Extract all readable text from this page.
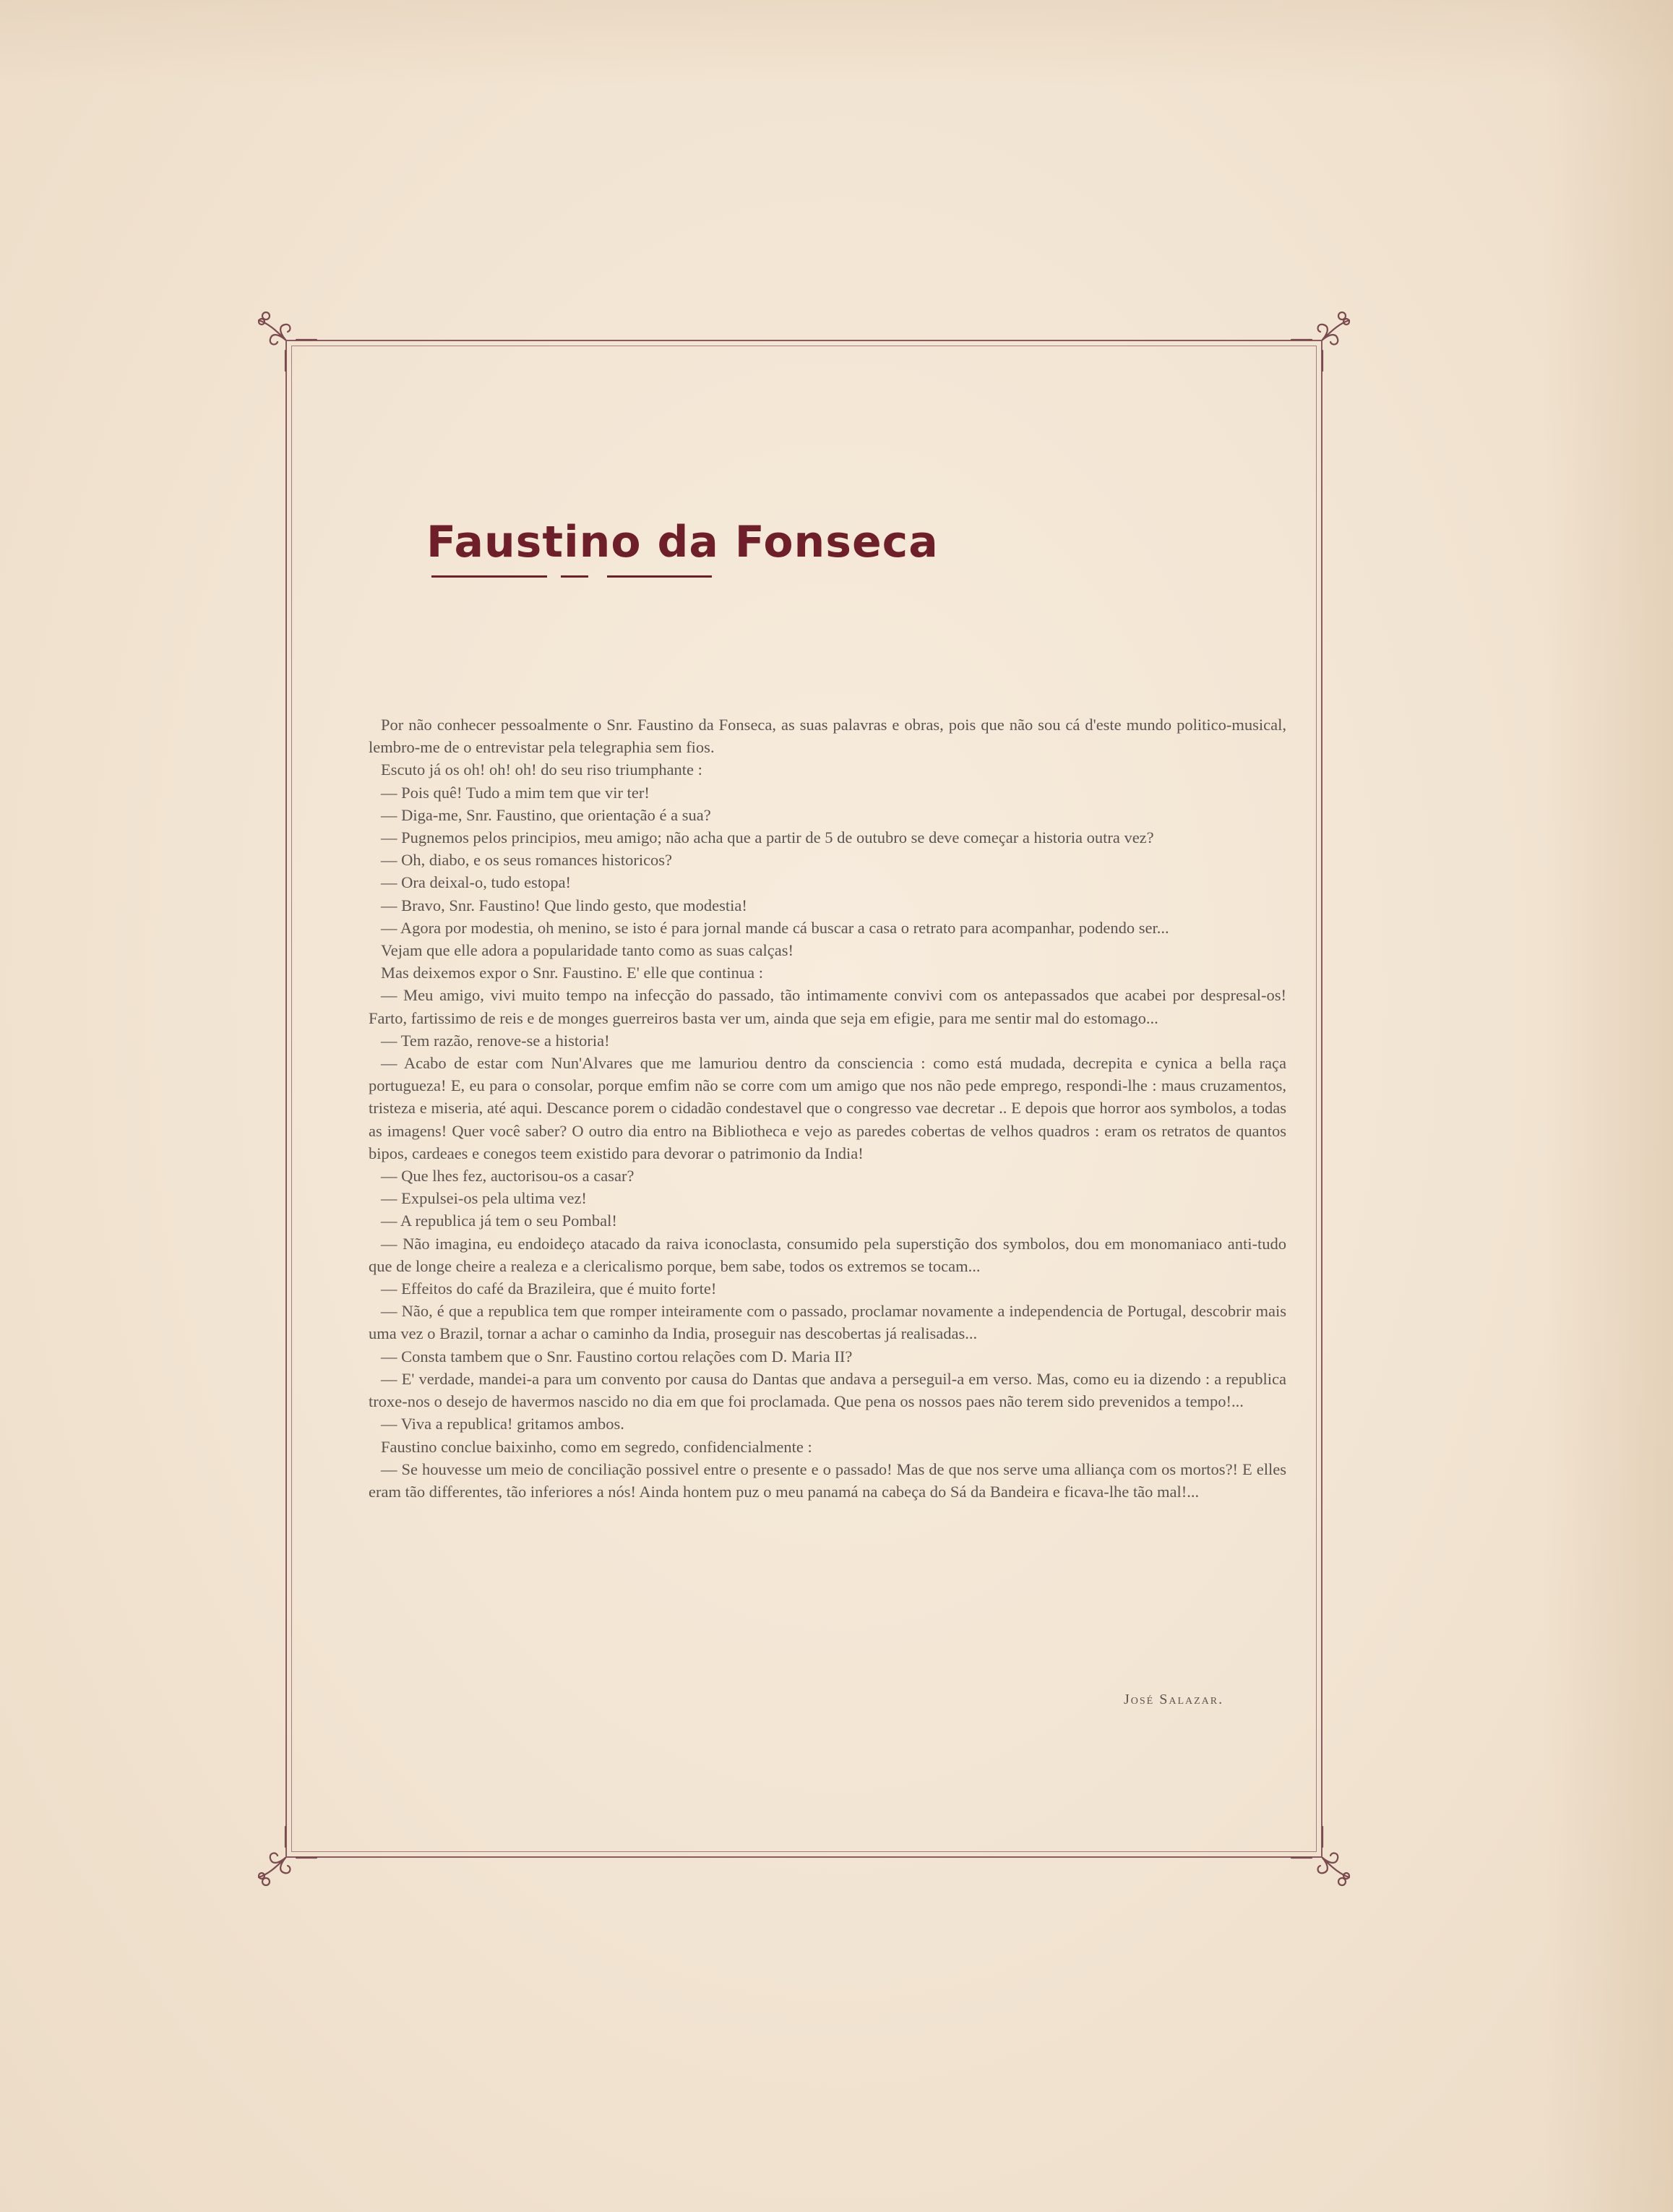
Faustino da Fonseca

Por não conhecer pessoalmente o Snr. Faustino da Fonseca, as suas palavras e obras, pois que não sou cá d'este mundo politico-musical, lembro-me de o entrevistar pela telegraphia sem fios.

Escuto já os oh! oh! oh! do seu riso triumphante :

— Pois quê! Tudo a mim tem que vir ter!

— Diga-me, Snr. Faustino, que orientação é a sua?

— Pugnemos pelos principios, meu amigo; não acha que a partir de 5 de outubro se deve começar a historia outra vez?

— Oh, diabo, e os seus romances historicos?

— Ora deixal-o, tudo estopa!

— Bravo, Snr. Faustino! Que lindo gesto, que modestia!

— Agora por modestia, oh menino, se isto é para jornal mande cá buscar a casa o retrato para acompanhar, podendo ser...

Vejam que elle adora a popularidade tanto como as suas calças!

Mas deixemos expor o Snr. Faustino. E' elle que continua :

— Meu amigo, vivi muito tempo na infecção do passado, tão intimamente convivi com os antepassados que acabei por despresal-os! Farto, fartissimo de reis e de monges guerreiros basta ver um, ainda que seja em efigie, para me sentir mal do estomago...

— Tem razão, renove-se a historia!

— Acabo de estar com Nun'Alvares que me lamuriou dentro da consciencia : como está mudada, decrepita e cynica a bella raça portugueza! E, eu para o consolar, porque emfim não se corre com um amigo que nos não pede emprego, respondi-lhe : maus cruzamentos, tristeza e miseria, até aqui. Descance porem o cidadão condestavel que o congresso vae decretar .. E depois que horror aos symbolos, a todas as imagens! Quer você saber? O outro dia entro na Bibliotheca e vejo as paredes cobertas de velhos quadros : eram os retratos de quantos bipos, cardeaes e conegos teem existido para devorar o patrimonio da India!

— Que lhes fez, auctorisou-os a casar?

— Expulsei-os pela ultima vez!

— A republica já tem o seu Pombal!

— Não imagina, eu endoideço atacado da raiva iconoclasta, consumido pela superstição dos symbolos, dou em monomaniaco anti-tudo que de longe cheire a realeza e a clericalismo porque, bem sabe, todos os extremos se tocam...

— Effeitos do café da Brazileira, que é muito forte!

— Não, é que a republica tem que romper inteiramente com o passado, proclamar novamente a independencia de Portugal, descobrir mais uma vez o Brazil, tornar a achar o caminho da India, proseguir nas descobertas já realisadas...

— Consta tambem que o Snr. Faustino cortou relações com D. Maria II?

— E' verdade, mandei-a para um convento por causa do Dantas que andava a perseguil-a em verso. Mas, como eu ia dizendo : a republica troxe-nos o desejo de havermos nascido no dia em que foi proclamada. Que pena os nossos paes não terem sido prevenidos a tempo!...

— Viva a republica! gritamos ambos.

Faustino conclue baixinho, como em segredo, confidencialmente :

— Se houvesse um meio de conciliação possivel entre o presente e o passado! Mas de que nos serve uma alliança com os mortos?! E elles eram tão differentes, tão inferiores a nós! Ainda hontem puz o meu panamá na cabeça do Sá da Bandeira e ficava-lhe tão mal!...

José Salazar.
